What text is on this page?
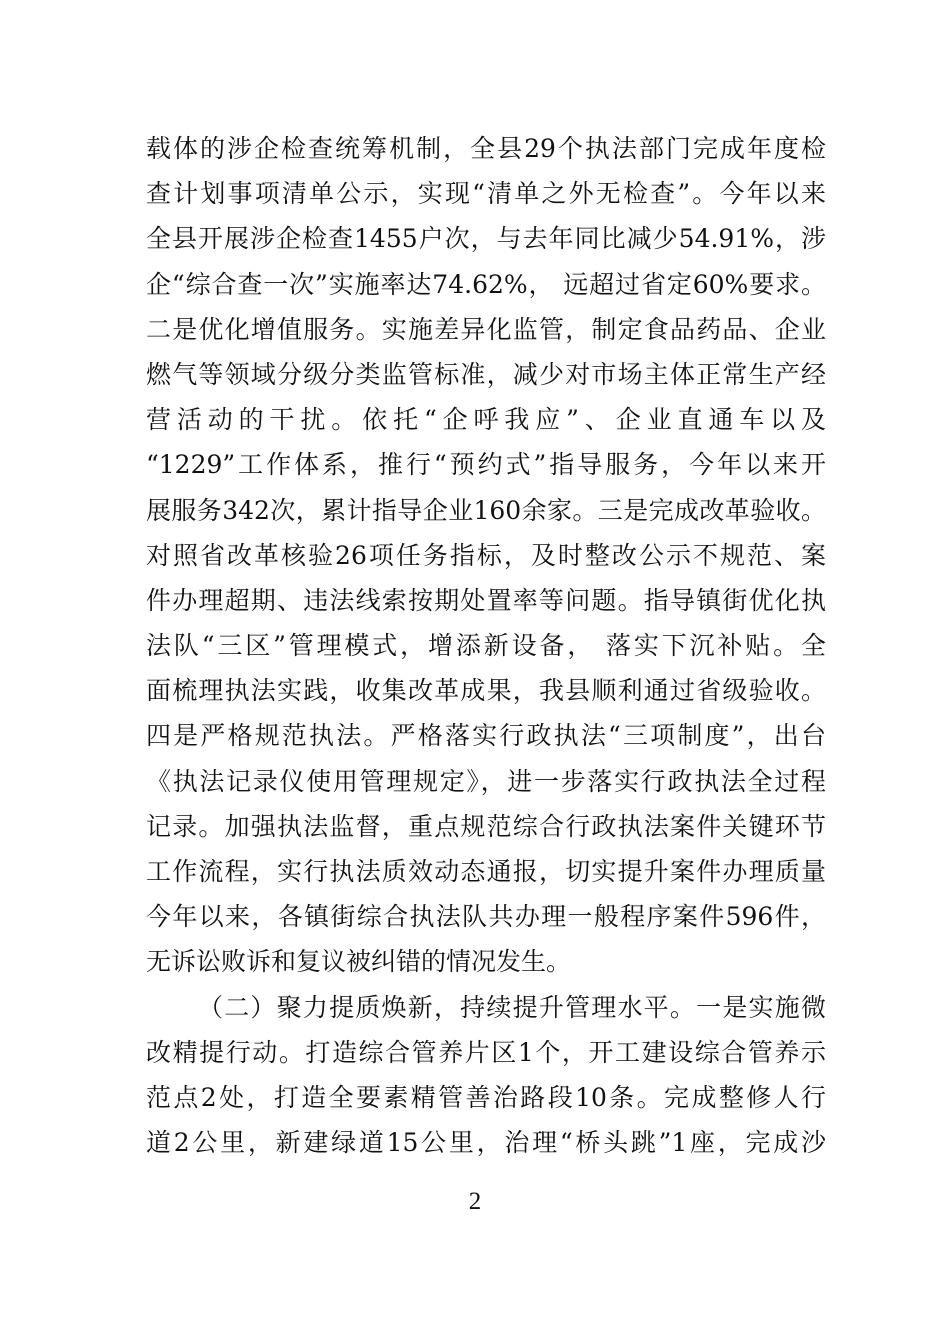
载体的涉企检查统筹机制，全县29个执法部门完成年度检
查计划事项清单公示，实现“清单之外无检查”。今年以来
全县开展涉企检查1455户次，与去年同比减少54.91%，涉
企“综合查一次”实施率达74.62%， 远超过省定60%要求。
二是优化增值服务。实施差异化监管，制定食品药品、企业
燃气等领域分级分类监管标准，减少对市场主体正常生产经
营活动的干扰。依托“企呼我应”、企业直通车以及
“1229”工作体系，推行“预约式”指导服务，今年以来开
展服务342次，累计指导企业160余家。三是完成改革验收。
对照省改革核验26项任务指标，及时整改公示不规范、案
件办理超期、违法线索按期处置率等问题。指导镇街优化执
法队“三区”管理模式，增添新设备， 落实下沉补贴。全
面梳理执法实践，收集改革成果，我县顺利通过省级验收。
四是严格规范执法。严格落实行政执法“三项制度”，出台
《执法记录仪使用管理规定》，进一步落实行政执法全过程
记录。加强执法监督，重点规范综合行政执法案件关键环节
工作流程，实行执法质效动态通报，切实提升案件办理质量
今年以来，各镇街综合执法队共办理一般程序案件596件，
无诉讼败诉和复议被纠错的情况发生。
（二）聚力提质焕新，持续提升管理水平。一是实施微
改精提行动。打造综合管养片区1个，开工建设综合管养示
范点2处，打造全要素精管善治路段10条。完成整修人行
道2公里，新建绿道15公里，治理“桥头跳”1座，完成沙
2
